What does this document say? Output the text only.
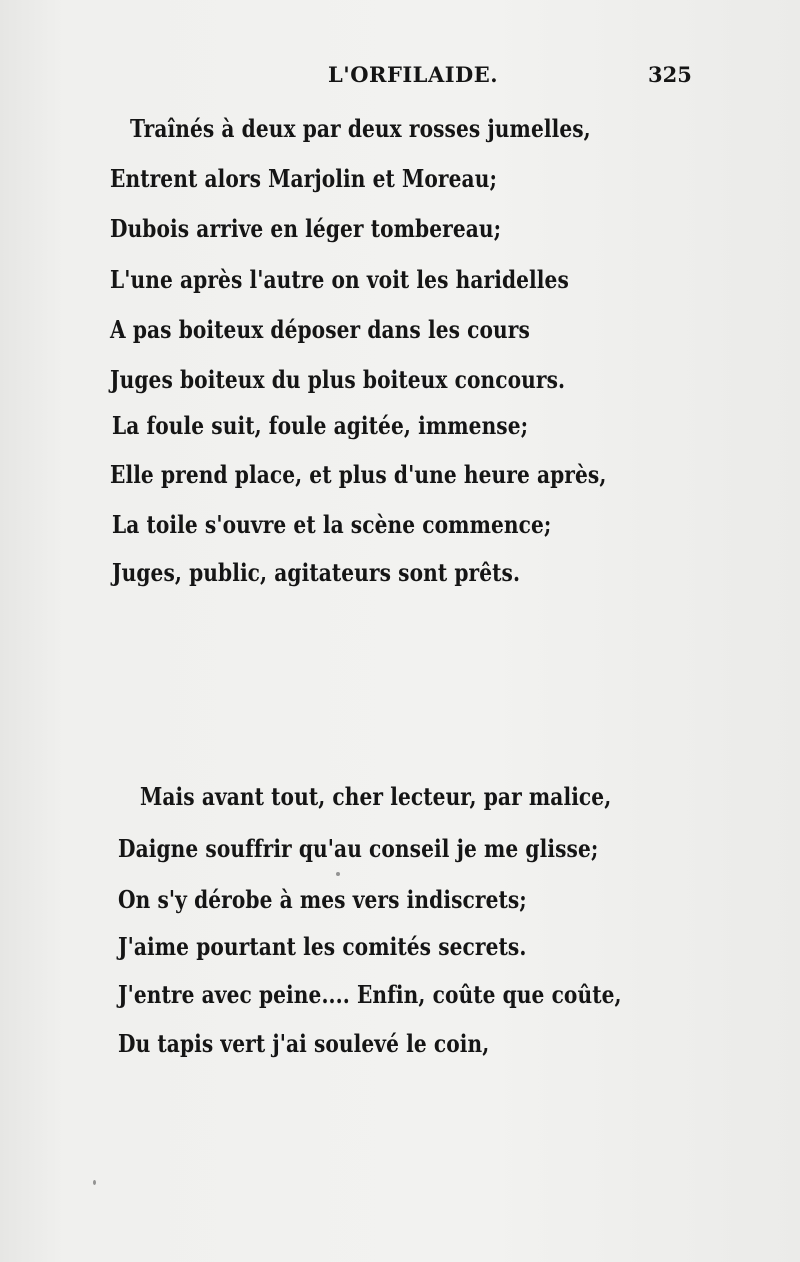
L'ORFILAIDE.	325
Traînés à deux par deux rosses jumelles,
Entrent alors Marjolin et Moreau;
Dubois arrive en léger tombereau;
L'une après l'autre on voit les haridelles
A pas boiteux déposer dans les cours
Juges boiteux du plus boiteux concours.
La foule suit, foule agitée, immense;
Elle prend place, et plus d'une heure après,
La toile s'ouvre et la scène commence;
Juges, public, agitateurs sont prêts.
Mais avant tout, cher lecteur, par malice,
Daigne souffrir qu'au conseil je me glisse;
On s'y dérobe à mes vers indiscrets;
J'aime pourtant les comités secrets.
J'entre avec peine.... Enfin, coûte que coûte,
Du tapis vert j'ai soulevé le coin,
